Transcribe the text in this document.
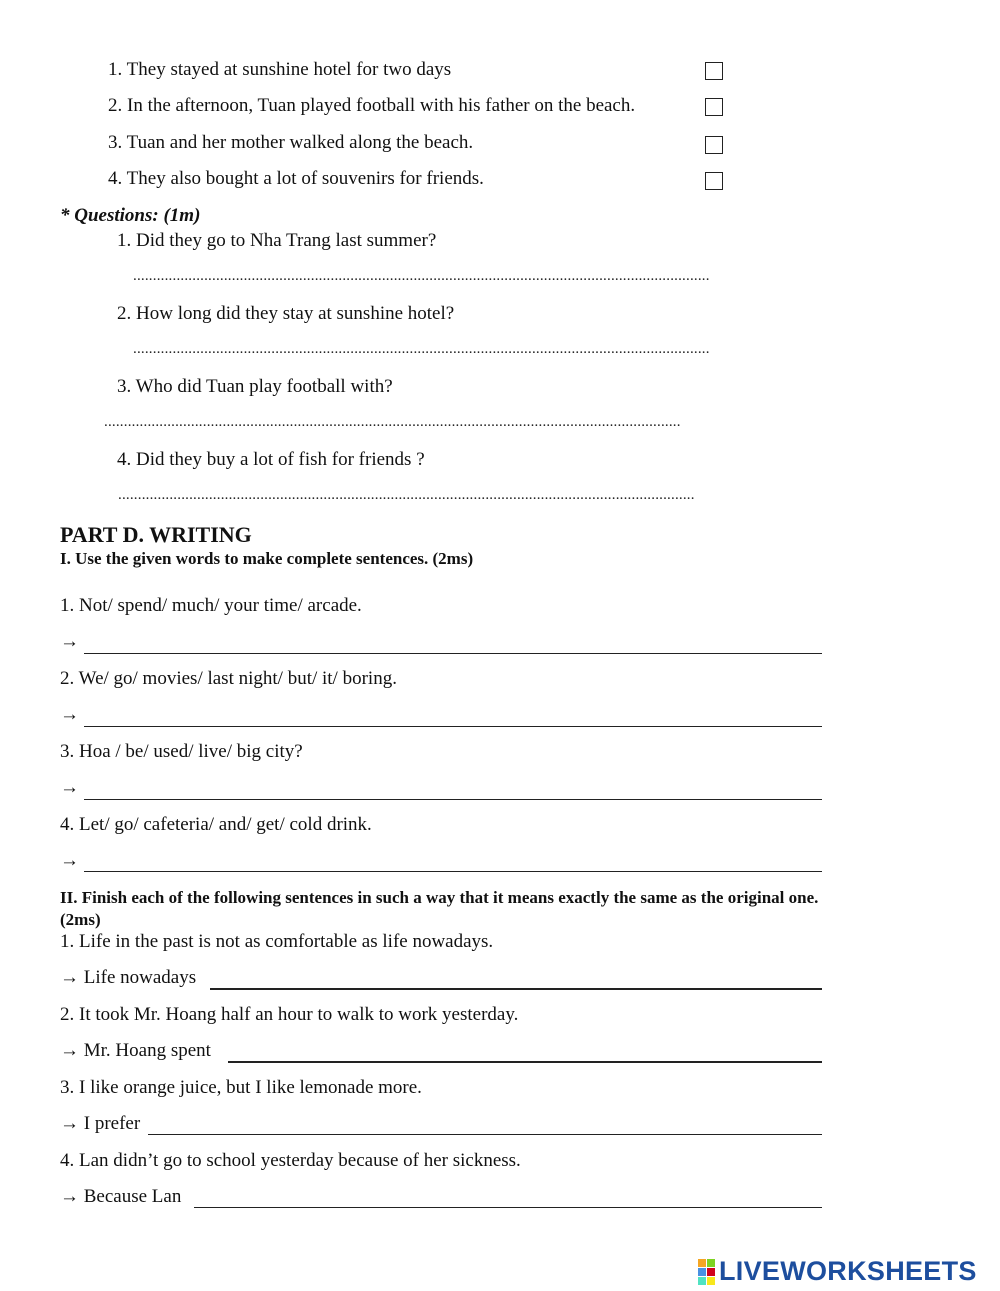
1. They stayed at sunshine hotel for two days
2. In the afternoon, Tuan played football with his father on the beach.
3. Tuan and her mother walked along the beach.
4. They also bought a lot of souvenirs for friends.
* Questions: (1m)
1. Did they go to Nha Trang last summer?
..................................................................................................................................................
2. How long did they stay at sunshine hotel?
..................................................................................................................................................
3. Who did Tuan play football with?
..................................................................................................................................................
4. Did they buy a lot of fish for friends ?
..................................................................................................................................................
PART D. WRITING
I. Use the given words to make complete sentences. (2ms)
1. Not/ spend/ much/ your time/ arcade.
→
2. We/ go/ movies/ last night/ but/ it/ boring.
→
3. Hoa / be/ used/ live/ big city?
→
4. Let/ go/ cafeteria/ and/ get/ cold drink.
→
II. Finish each of the following sentences in such a way that it means exactly the same as the original one.
(2ms)
1. Life in the past is not as comfortable as life nowadays.
→ Life nowadays
2. It took Mr. Hoang half an hour to walk to work yesterday.
→ Mr. Hoang spent
3. I like orange juice, but I like lemonade more.
→ I prefer
4. Lan didn’t go to school yesterday because of her sickness.
→ Because Lan
LIVEWORKSHEETS
